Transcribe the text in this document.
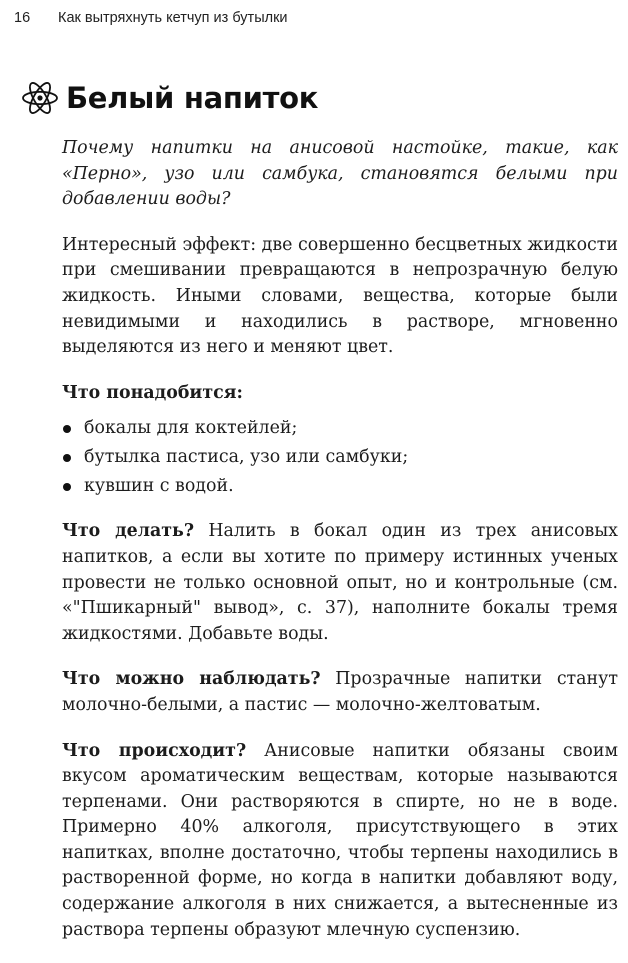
16 Как вытряхнуть кетчуп из бутылки
Белый напиток

Почему напитки на анисовой настойке, такие, как «Перно», узо или самбука, становятся белыми при добавлении воды?

Интересный эффект: две совершенно бесцветных жидкости при смешивании превращаются в непрозрачную белую жидкость. Иными словами, вещества, которые были невидимыми и находились в растворе, мгновенно выделяются из него и меняют цвет.

Что понадобится:

бокалы для коктейлей;
бутылка пастиса, узо или самбуки;
кувшин с водой.

Что делать? Налить в бокал один из трех анисовых напитков, а если вы хотите по примеру истинных ученых провести не только основной опыт, но и контрольные (см. «"Пшикарный" вывод», с. 37), наполните бокалы тремя жидкостями. Добавьте воды.

Что можно наблюдать? Прозрачные напитки станут молочно-белыми, а пастис — молочно-желтоватым.

Что происходит? Анисовые напитки обязаны своим вкусом ароматическим веществам, которые называются терпенами. Они растворяются в спирте, но не в воде. Примерно 40% алкоголя, присутствующего в этих напитках, вполне достаточно, чтобы терпены находились в растворенной форме, но когда в напитки добавляют воду, содержание алкоголя в них снижается, а вытесненные из раствора терпены образуют млечную суспензию.
